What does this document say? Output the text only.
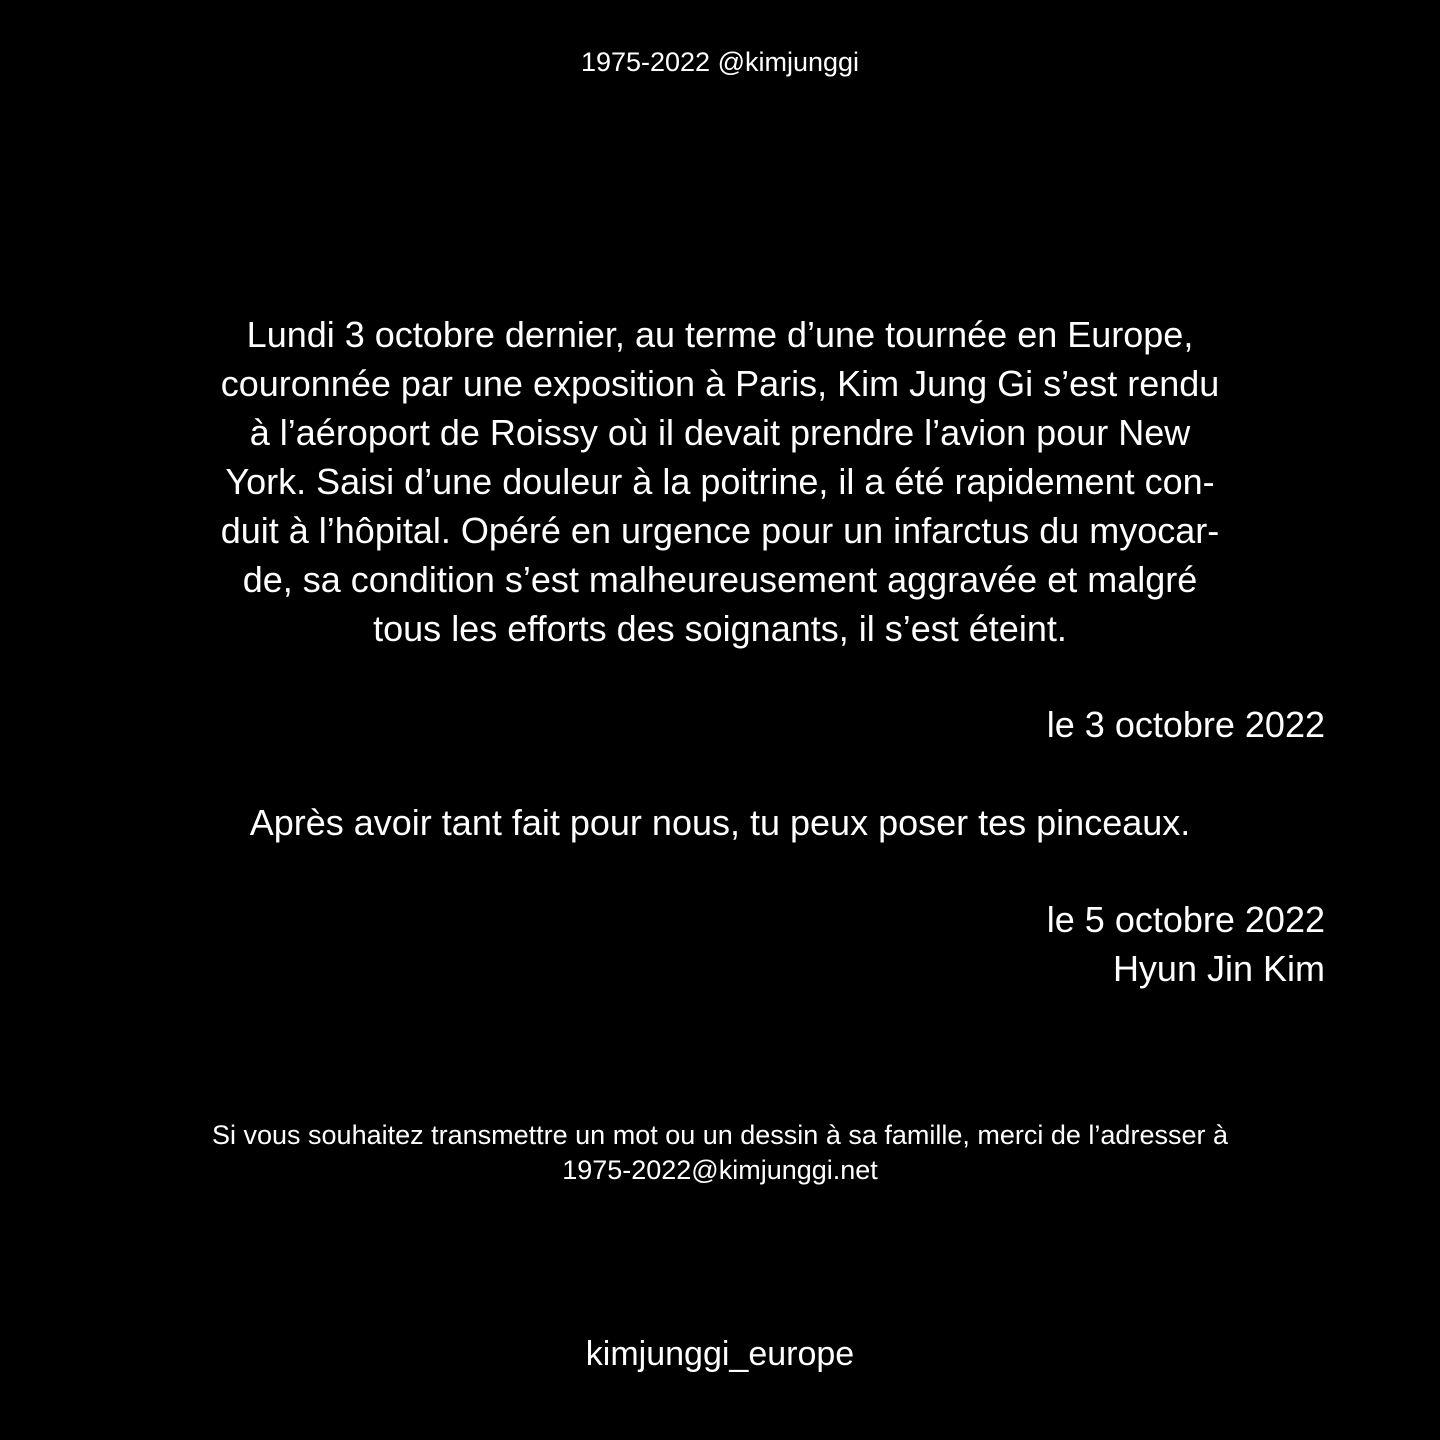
1975-2022 @kimjunggi
Lundi 3 octobre dernier, au terme d’une tournée en Europe,
couronnée par une exposition à Paris, Kim Jung Gi s’est rendu
à l’aéroport de Roissy où il devait prendre l’avion pour New
York. Saisi d’une douleur à la poitrine, il a été rapidement con-
duit à l’hôpital. Opéré en urgence pour un infarctus du myocar-
de, sa condition s’est malheureusement aggravée et malgré
tous les efforts des soignants, il s’est éteint.
le 3 octobre 2022
Après avoir tant fait pour nous, tu peux poser tes pinceaux.
le 5 octobre 2022
Hyun Jin Kim
Si vous souhaitez transmettre un mot ou un dessin à sa famille, merci de l’adresser à
1975-2022@kimjunggi.net
kimjunggi_europe
